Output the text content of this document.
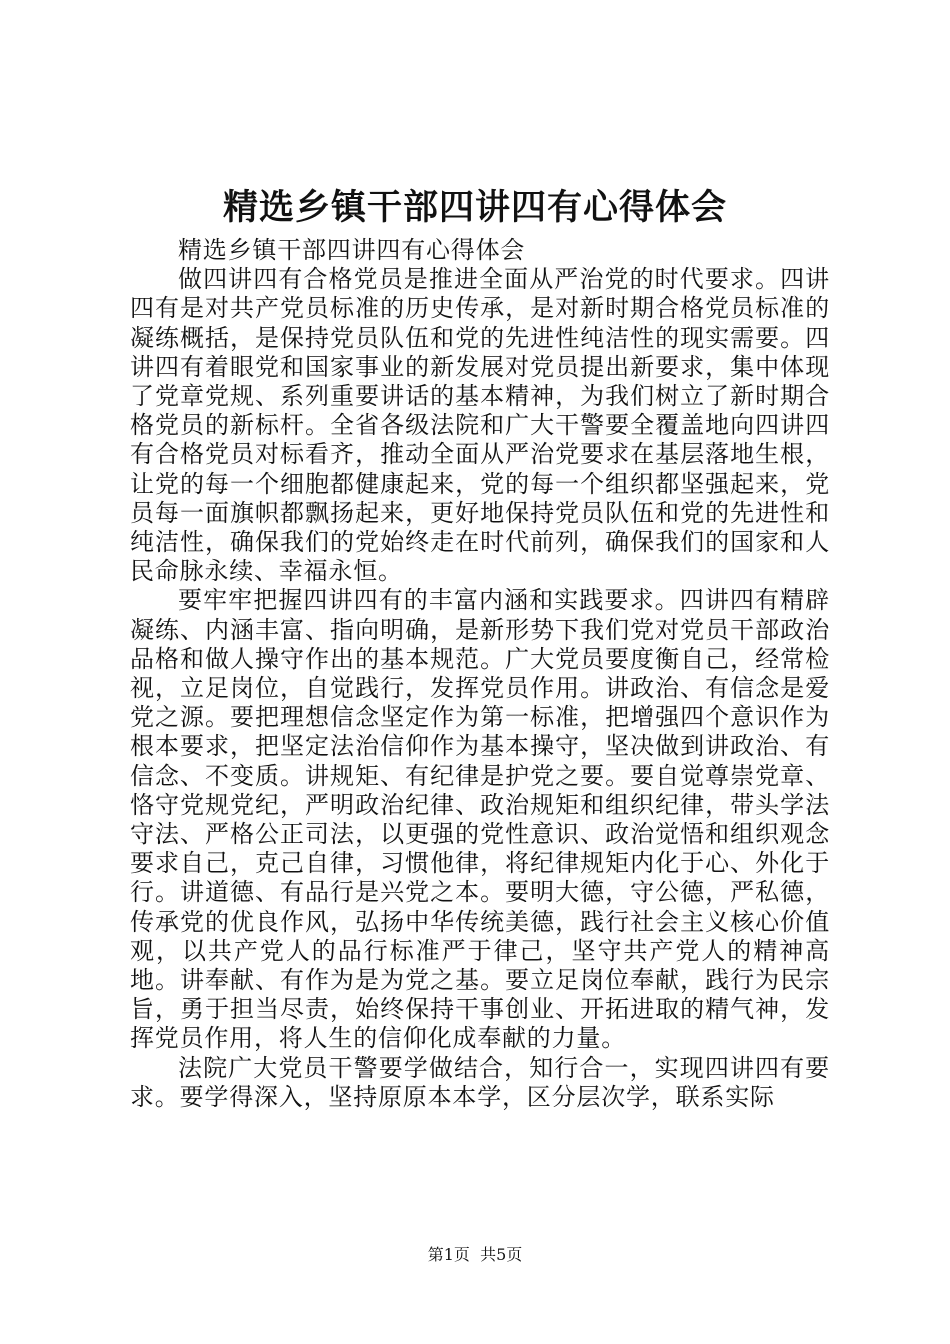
精选乡镇干部四讲四有心得体会

精选乡镇干部四讲四有心得体会

做四讲四有合格党员是推进全面从严治党的时代要求。四讲四有是对共产党员标准的历史传承，是对新时期合格党员标准的凝练概括，是保持党员队伍和党的先进性纯洁性的现实需要。四讲四有着眼党和国家事业的新发展对党员提出新要求，集中体现了党章党规、系列重要讲话的基本精神，为我们树立了新时期合格党员的新标杆。全省各级法院和广大干警要全覆盖地向四讲四有合格党员对标看齐，推动全面从严治党要求在基层落地生根，让党的每一个细胞都健康起来，党的每一个组织都坚强起来，党员每一面旗帜都飘扬起来，更好地保持党员队伍和党的先进性和纯洁性，确保我们的党始终走在时代前列，确保我们的国家和人民命脉永续、幸福永恒。

要牢牢把握四讲四有的丰富内涵和实践要求。四讲四有精辟凝练、内涵丰富、指向明确，是新形势下我们党对党员干部政治品格和做人操守作出的基本规范。广大党员要度衡自己，经常检视，立足岗位，自觉践行，发挥党员作用。讲政治、有信念是爱党之源。要把理想信念坚定作为第一标准，把增强四个意识作为根本要求，把坚定法治信仰作为基本操守，坚决做到讲政治、有信念、不变质。讲规矩、有纪律是护党之要。要自觉尊崇党章、恪守党规党纪，严明政治纪律、政治规矩和组织纪律，带头学法守法、严格公正司法，以更强的党性意识、政治觉悟和组织观念要求自己，克己自律，习惯他律，将纪律规矩内化于心、外化于行。讲道德、有品行是兴党之本。要明大德，守公德，严私德，传承党的优良作风，弘扬中华传统美德，践行社会主义核心价值观，以共产党人的品行标准严于律己，坚守共产党人的精神高地。讲奉献、有作为是为党之基。要立足岗位奉献，践行为民宗旨，勇于担当尽责，始终保持干事创业、开拓进取的精气神，发挥党员作用，将人生的信仰化成奉献的力量。

法院广大党员干警要学做结合，知行合一，实现四讲四有要求。要学得深入，坚持原原本本学，区分层次学，联系实际

第1页 共5页
